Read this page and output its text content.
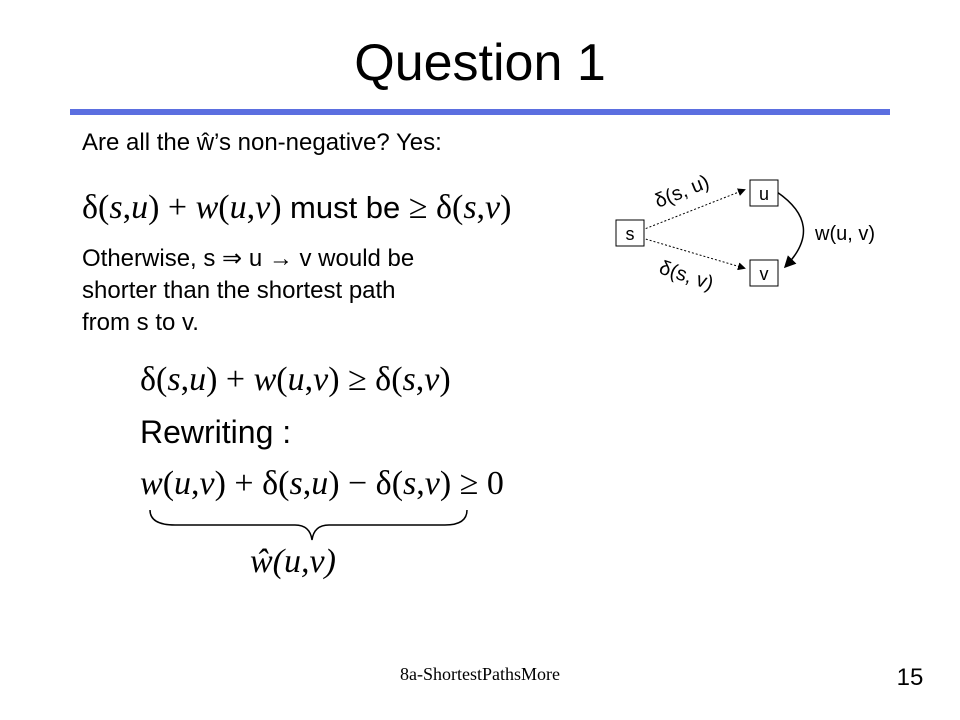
Question 1
Are all the ŵ’s non-negative? Yes:
δ(s,u) + w(u,v) must be ≥ δ(s,v)
Otherwise, s ⇒ u → v would be
shorter than the shortest path
from s to v.
δ(s,u) + w(u,v) ≥ δ(s,v)
Rewriting :
w(u,v) + δ(s,u) − δ(s,v) ≥ 0
ŵ(u,v)
s
u
v
δ(s, u)
δ(s, v)
w(u, v)
8a-ShortestPathsMore	15
